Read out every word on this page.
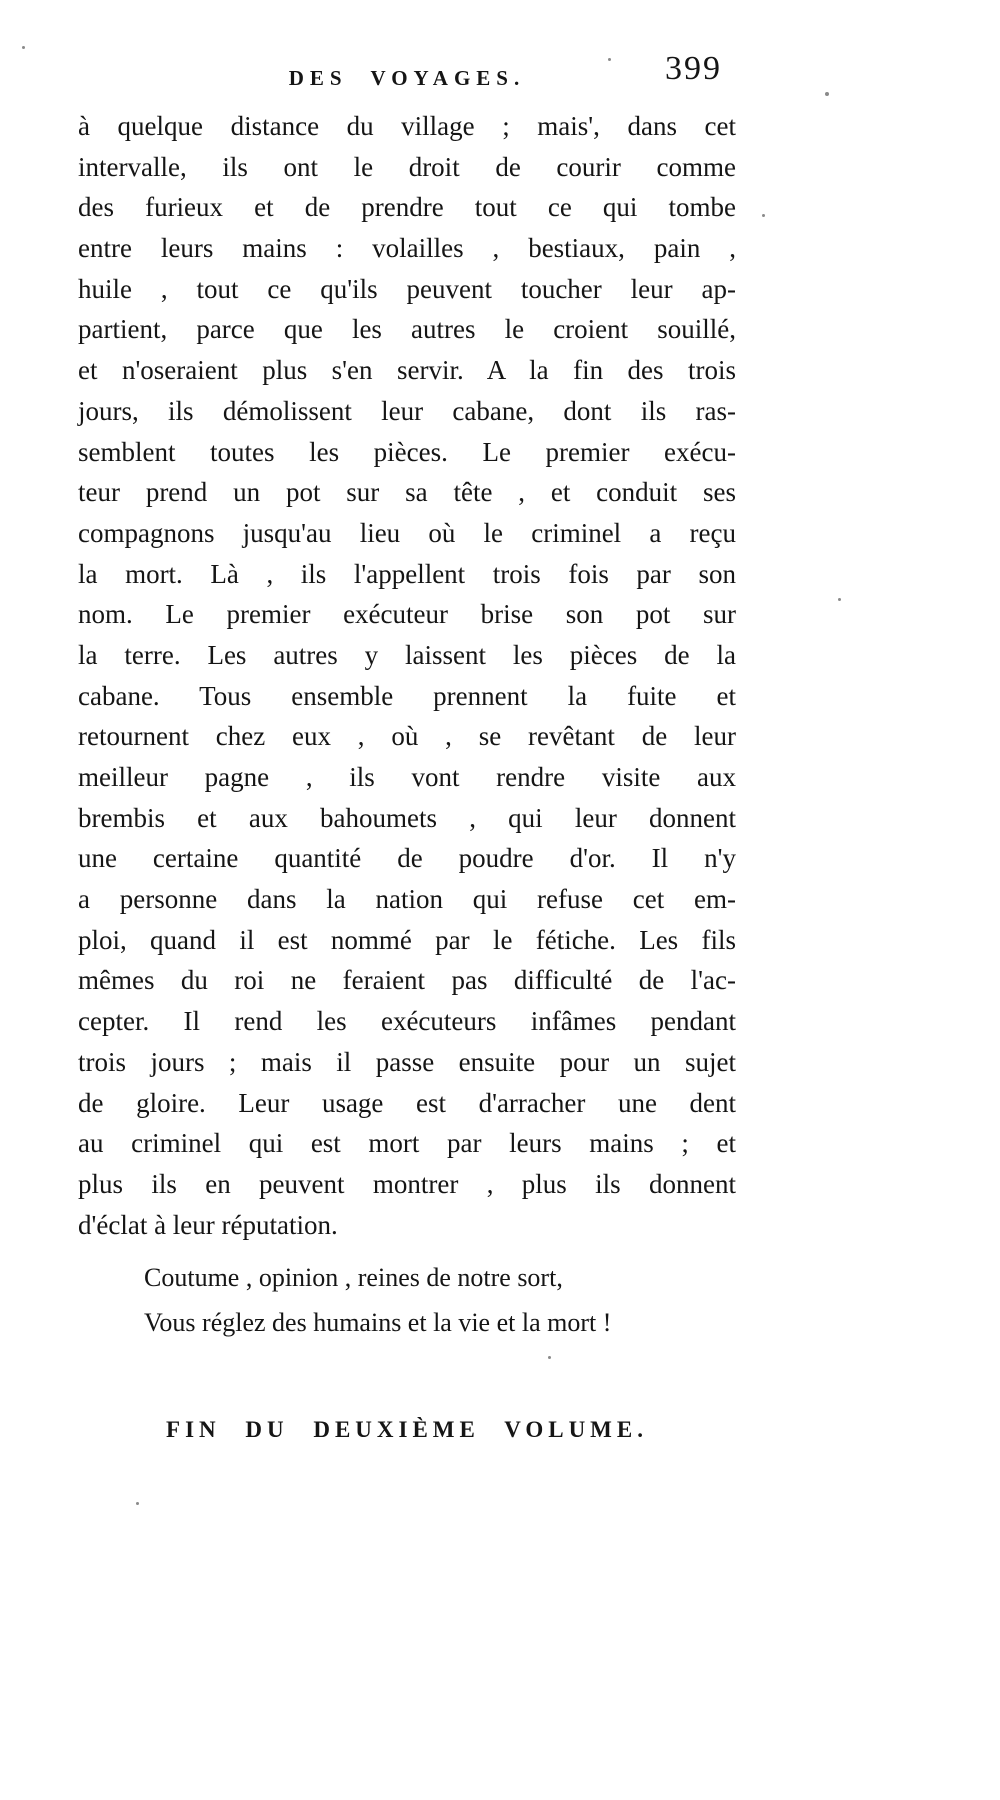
DES VOYAGES.	399
à quelque distance du village ; mais', dans cet
intervalle, ils ont le droit de courir comme
des furieux et de prendre tout ce qui tombe
entre leurs mains : volailles , bestiaux, pain ,
huile , tout ce qu'ils peuvent toucher leur ap-
partient, parce que les autres le croient souillé,
et n'oseraient plus s'en servir. A la fin des trois
jours, ils démolissent leur cabane, dont ils ras-
semblent toutes les pièces. Le premier exécu-
teur prend un pot sur sa tête , et conduit ses
compagnons jusqu'au lieu où le criminel a reçu
la mort. Là , ils l'appellent trois fois par son
nom. Le premier exécuteur brise son pot sur
la terre. Les autres y laissent les pièces de la
cabane. Tous ensemble prennent la fuite et
retournent chez eux , où , se revêtant de leur
meilleur pagne , ils vont rendre visite aux
brembis et aux bahoumets , qui leur donnent
une certaine quantité de poudre d'or. Il n'y
a personne dans la nation qui refuse cet em-
ploi, quand il est nommé par le fétiche. Les fils
mêmes du roi ne feraient pas difficulté de l'ac-
cepter. Il rend les exécuteurs infâmes pendant
trois jours ; mais il passe ensuite pour un sujet
de gloire. Leur usage est d'arracher une dent
au criminel qui est mort par leurs mains ; et
plus ils en peuvent montrer , plus ils donnent
d'éclat à leur réputation.
Coutume , opinion , reines de notre sort,
Vous réglez des humains et la vie et la mort !
FIN DU DEUXIÈME VOLUME.
